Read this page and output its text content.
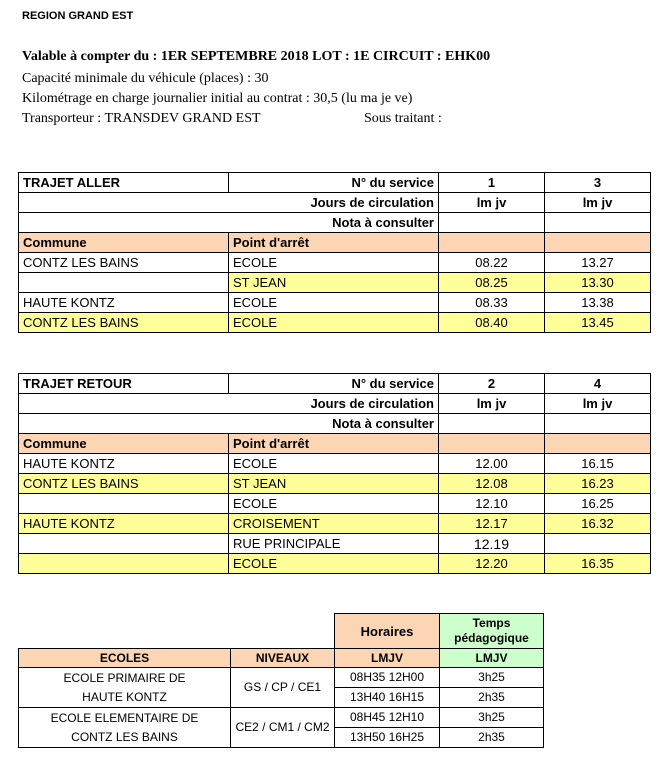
REGION GRAND EST
Valable à compter du : 1ER SEPTEMBRE 2018 LOT : 1E CIRCUIT : EHK00
Capacité minimale du véhicule (places) : 30
Kilométrage en charge journalier initial au contrat : 30,5 (lu ma je ve)
Transporteur : TRANSDEV GRAND EST	Sous traitant :
TRAJET ALLER	N° du service	1	3
Jours de circulation		lm jv	lm jv
Nota à consulter			
Commune	Point d'arrêt		
CONTZ LES BAINS	ECOLE	08.22	13.27
	ST JEAN	08.25	13.30
HAUTE KONTZ	ECOLE	08.33	13.38
CONTZ LES BAINS	ECOLE	08.40	13.45
TRAJET RETOUR	N° du service	2	4
Jours de circulation		lm jv	lm jv
Nota à consulter			
Commune	Point d'arrêt		
HAUTE KONTZ	ECOLE	12.00	16.15
CONTZ LES BAINS	ST JEAN	12.08	16.23
	ECOLE	12.10	16.25
HAUTE KONTZ	CROISEMENT	12.17	16.32
	RUE PRINCIPALE	12.19	
	ECOLE	12.20	16.35
		Horaires	Temps pédagogique
ECOLES	NIVEAUX	LMJV	LMJV

ECOLE PRIMAIRE DE
HAUTE KONTZ	GS / CP / CE1	08H35 12H00	3h25
		13H40 16H15	2h35

ECOLE ELEMENTAIRE DE
CONTZ LES BAINS	CE2 / CM1 / CM2	08H45 12H10	3h25
		13H50 16H25	2h35
